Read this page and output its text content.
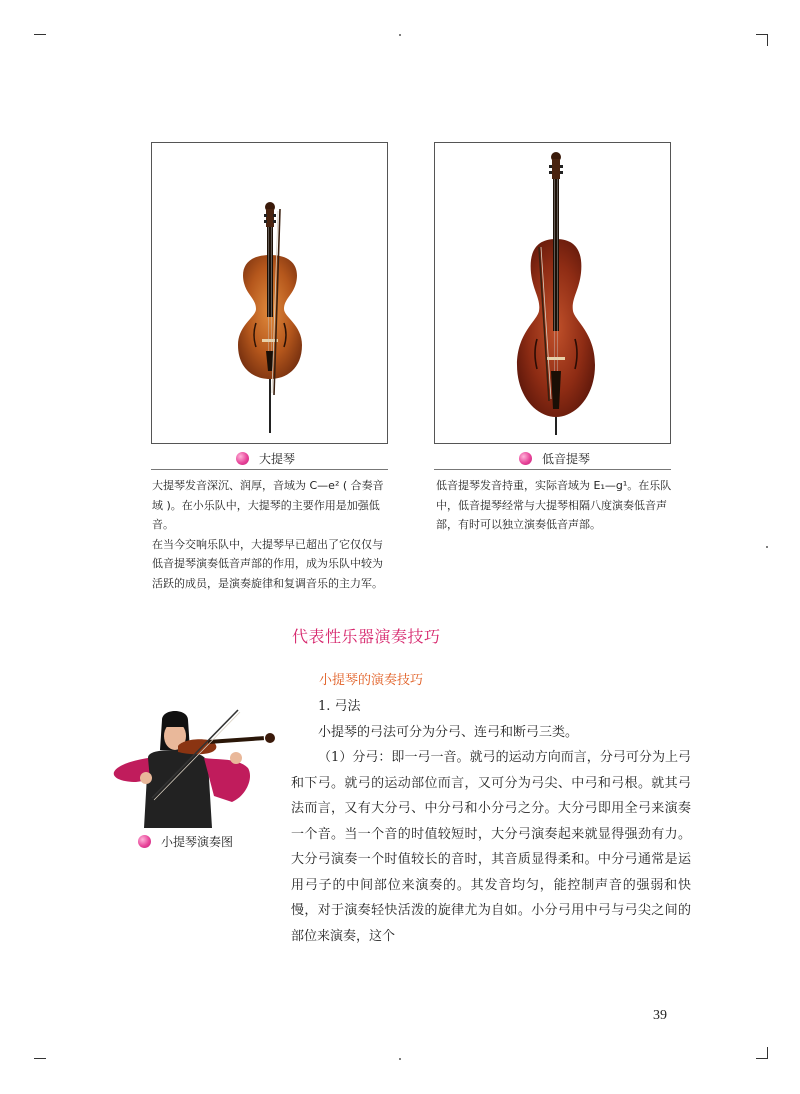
大提琴

大提琴发音深沉、润厚，音域为 C—e² ( 合奏音

域 )。在小乐队中，大提琴的主要作用是加强低音。

在当今交响乐队中，大提琴早已超出了它仅仅与

低音提琴演奏低音声部的作用，成为乐队中较为

活跃的成员，是演奏旋律和复调音乐的主力军。

低音提琴

低音提琴发音持重，实际音域为 E₁—g¹。在乐队

中，低音提琴经常与大提琴相隔八度演奏低音声

部，有时可以独立演奏低音声部。

代表性乐器演奏技巧
小提琴的演奏技巧
小提琴演奏图

1. 弓法

小提琴的弓法可分为分弓、连弓和断弓三类。

（1）分弓：即一弓一音。就弓的运动方向而言，分弓可分为上弓和下弓。就弓的运动部位而言，又可分为弓尖、中弓和弓根。就其弓法而言，又有大分弓、中分弓和小分弓之分。大分弓即用全弓来演奏一个音。当一个音的时值较短时，大分弓演奏起来就显得强劲有力。大分弓演奏一个时值较长的音时，其音质显得柔和。中分弓通常是运用弓子的中间部位来演奏的。其发音均匀，能控制声音的强弱和快慢，对于演奏轻快活泼的旋律尤为自如。小分弓用中弓与弓尖之间的部位来演奏，这个

39
